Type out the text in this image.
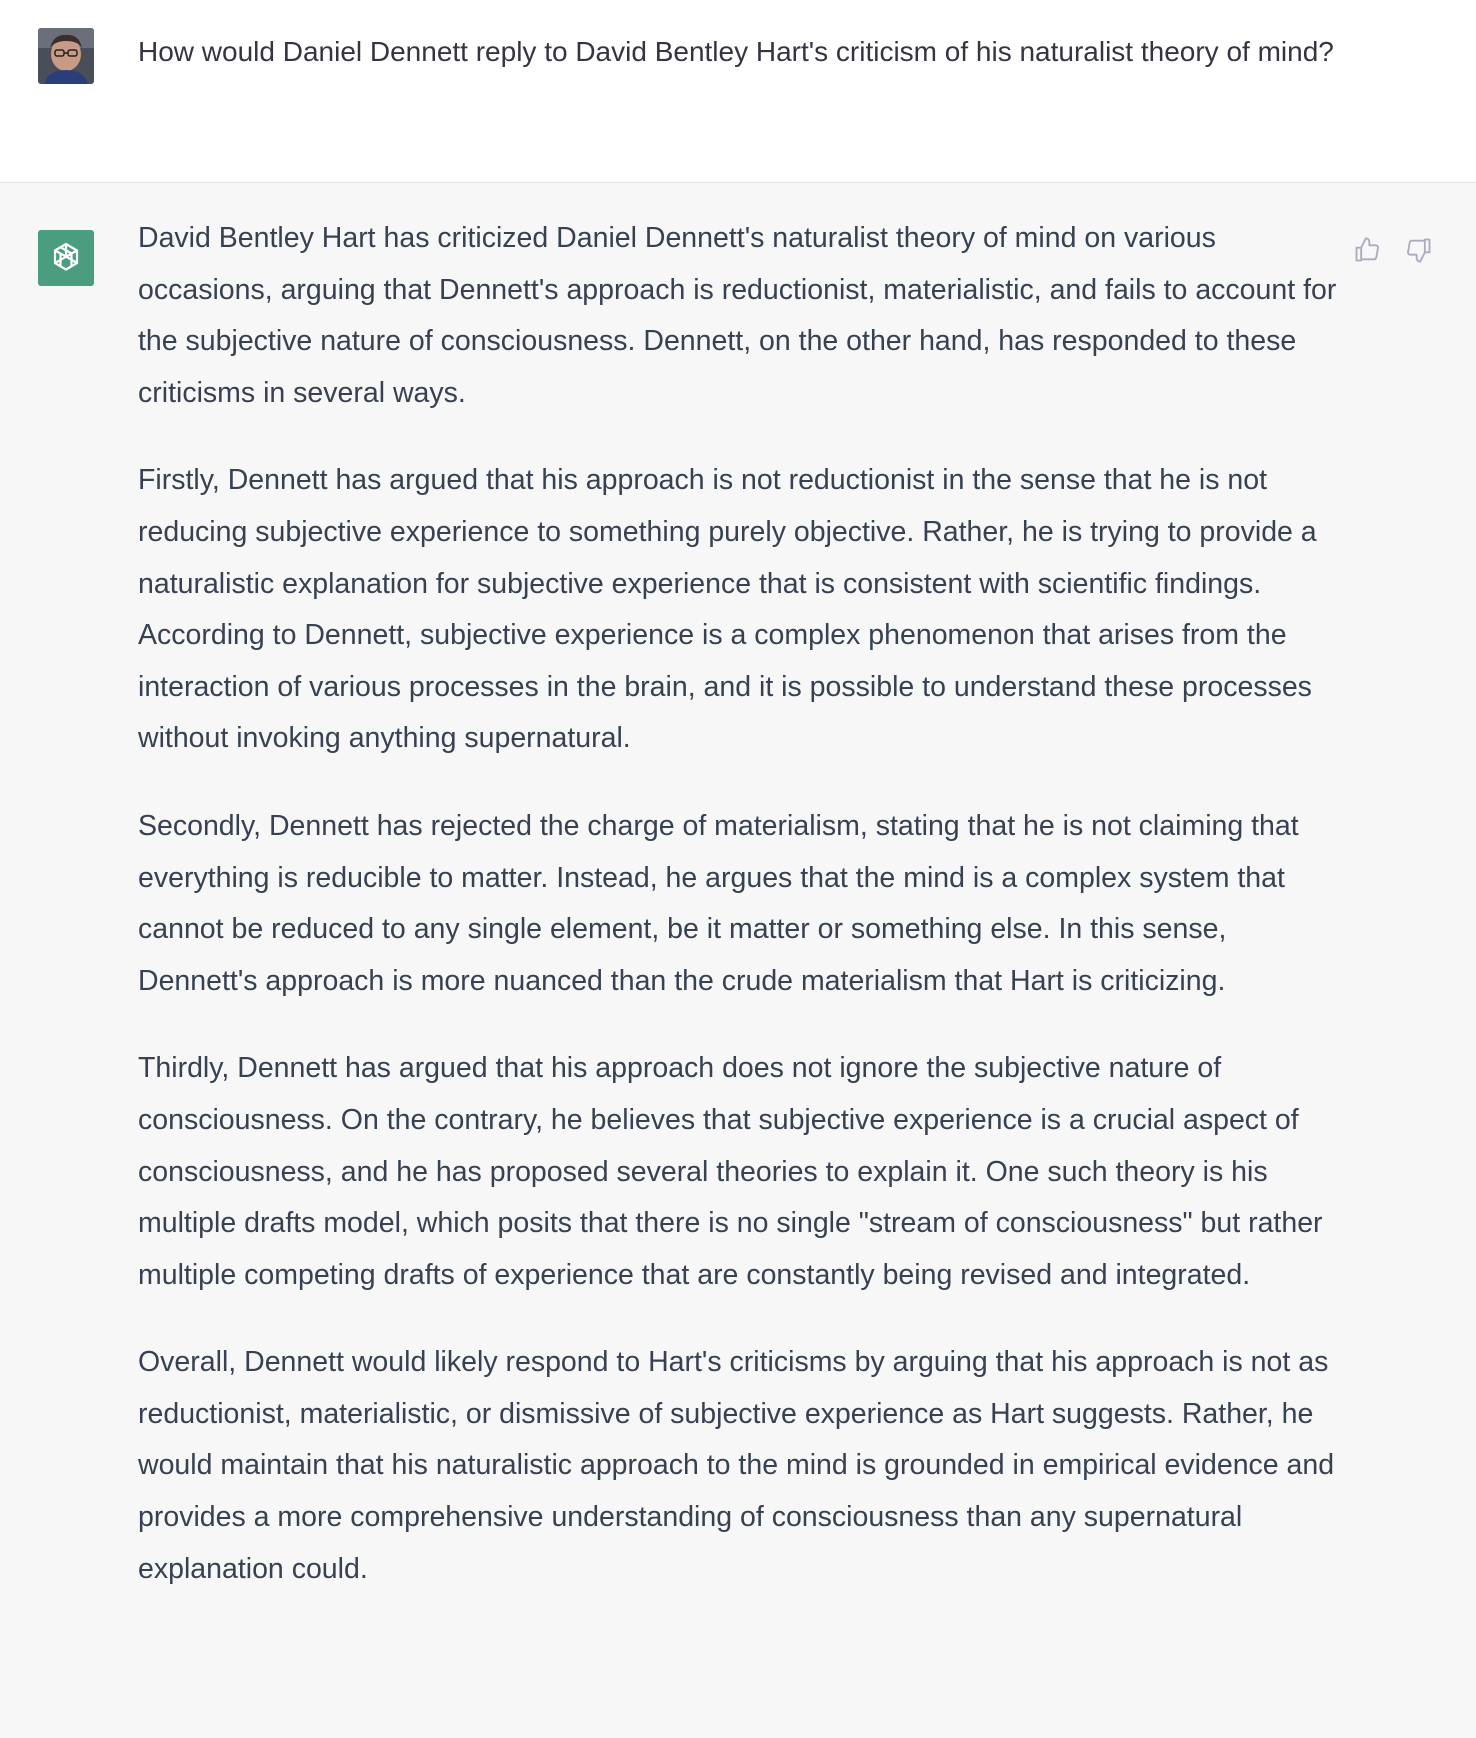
How would Daniel Dennett reply to David Bentley Hart's criticism of his naturalist theory of mind?

David Bentley Hart has criticized Daniel Dennett's naturalist theory of mind on various occasions, arguing that Dennett's approach is reductionist, materialistic, and fails to account for the subjective nature of consciousness. Dennett, on the other hand, has responded to these criticisms in several ways.

Firstly, Dennett has argued that his approach is not reductionist in the sense that he is not reducing subjective experience to something purely objective. Rather, he is trying to provide a naturalistic explanation for subjective experience that is consistent with scientific findings. According to Dennett, subjective experience is a complex phenomenon that arises from the interaction of various processes in the brain, and it is possible to understand these processes without invoking anything supernatural.

Secondly, Dennett has rejected the charge of materialism, stating that he is not claiming that everything is reducible to matter. Instead, he argues that the mind is a complex system that cannot be reduced to any single element, be it matter or something else. In this sense, Dennett's approach is more nuanced than the crude materialism that Hart is criticizing.

Thirdly, Dennett has argued that his approach does not ignore the subjective nature of consciousness. On the contrary, he believes that subjective experience is a crucial aspect of consciousness, and he has proposed several theories to explain it. One such theory is his multiple drafts model, which posits that there is no single "stream of consciousness" but rather multiple competing drafts of experience that are constantly being revised and integrated.

Overall, Dennett would likely respond to Hart's criticisms by arguing that his approach is not as reductionist, materialistic, or dismissive of subjective experience as Hart suggests. Rather, he would maintain that his naturalistic approach to the mind is grounded in empirical evidence and provides a more comprehensive understanding of consciousness than any supernatural explanation could.
